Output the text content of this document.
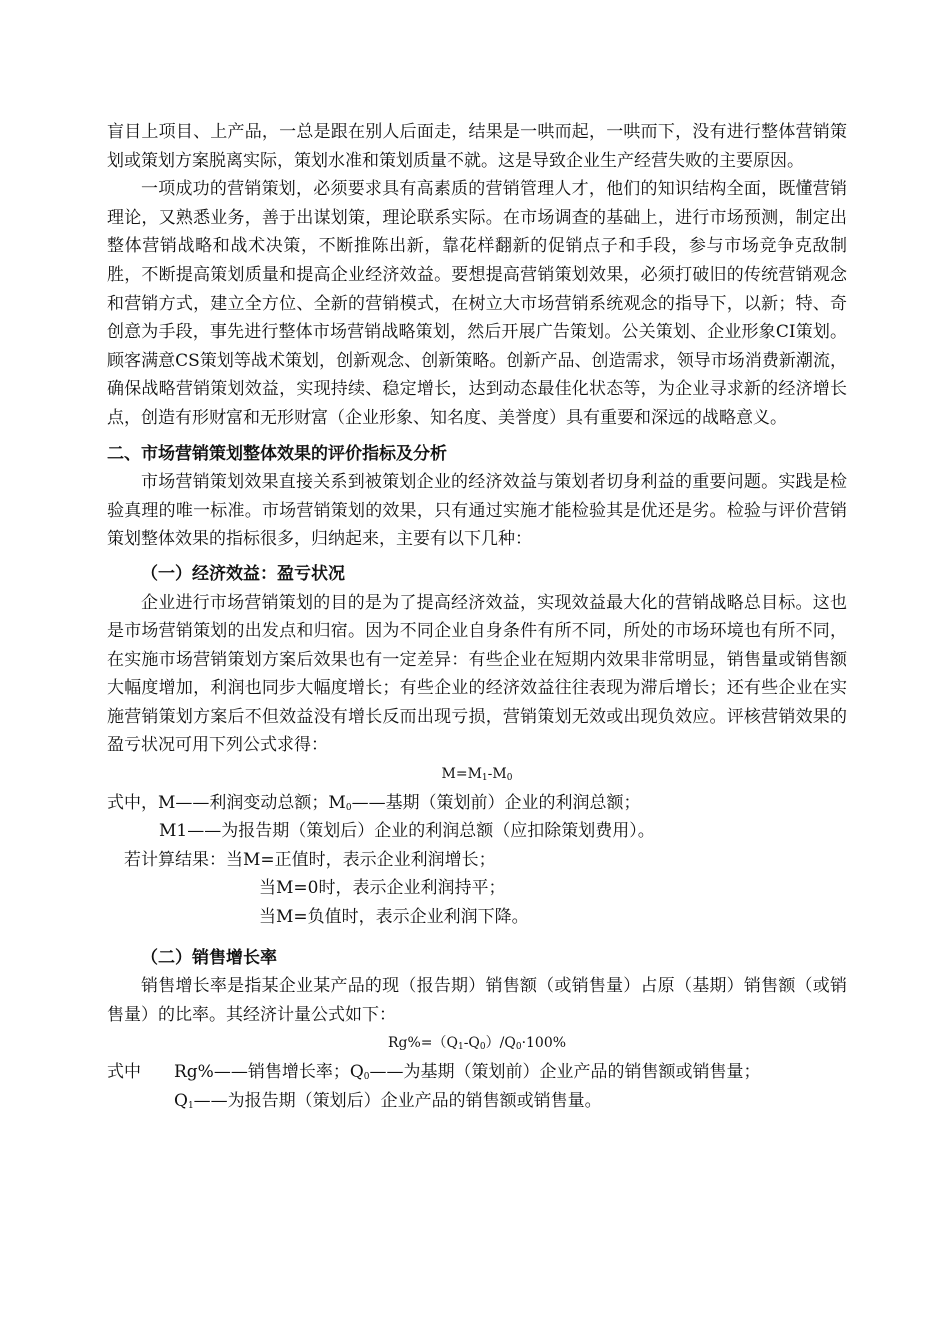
盲目上项目、上产品，一总是跟在别人后面走，结果是一哄而起，一哄而下，没有进行整体营销策划或策划方案脱离实际，策划水准和策划质量不就。这是导致企业生产经营失败的主要原因。

一项成功的营销策划，必须要求具有高素质的营销管理人才，他们的知识结构全面，既懂营销理论，又熟悉业务，善于出谋划策，理论联系实际。在市场调查的基础上，进行市场预测，制定出整体营销战略和战术决策，不断推陈出新，靠花样翻新的促销点子和手段，参与市场竞争克敌制胜，不断提高策划质量和提高企业经济效益。要想提高营销策划效果，必须打破旧的传统营销观念和营销方式，建立全方位、全新的营销模式，在树立大市场营销系统观念的指导下，以新；特、奇创意为手段，事先进行整体市场营销战略策划，然后开展广告策划。公关策划、企业形象CI策划。顾客满意CS策划等战术策划，创新观念、创新策略。创新产品、创造需求，领导市场消费新潮流，确保战略营销策划效益，实现持续、稳定增长，达到动态最佳化状态等，为企业寻求新的经济增长点，创造有形财富和无形财富（企业形象、知名度、美誉度）具有重要和深远的战略意义。

二、市场营销策划整体效果的评价指标及分析

市场营销策划效果直接关系到被策划企业的经济效益与策划者切身利益的重要问题。实践是检验真理的唯一标准。市场营销策划的效果，只有通过实施才能检验其是优还是劣。检验与评价营销策划整体效果的指标很多，归纳起来，主要有以下几种：

（一）经济效益：盈亏状况

企业进行市场营销策划的目的是为了提高经济效益，实现效益最大化的营销战略总目标。这也是市场营销策划的出发点和归宿。因为不同企业自身条件有所不同，所处的市场环境也有所不同，在实施市场营销策划方案后效果也有一定差异：有些企业在短期内效果非常明显，销售量或销售额大幅度增加，利润也同步大幅度增长；有些企业的经济效益往往表现为滞后增长；还有些企业在实施营销策划方案后不但效益没有增长反而出现亏损，营销策划无效或出现负效应。评核营销效果的盈亏状况可用下列公式求得：

$M=M_1-M_0$

式中，M——利润变动总额；$M_0——$基期（策划前）企业的利润总额；

M1——为报告期（策划后）企业的利润总额（应扣除策划费用）。

若计算结果：当M=正值时，表示企业利润增长；

当M=0时，表示企业利润持平；

当M=负值时，表示企业利润下降。

（二）销售增长率

销售增长率是指某企业某产品的现（报告期）销售额（或销售量）占原（基期）销售额（或销售量）的比率。其经济计量公式如下：

$Rg\%=(Q_1-Q_0)/Q_0\cdot 100\%$

式中 Rg%——销售增长率；$Q_0——$为基期（策划前）企业产品的销售额或销售量；

$Q_1——$为报告期（策划后）企业产品的销售额或销售量。
